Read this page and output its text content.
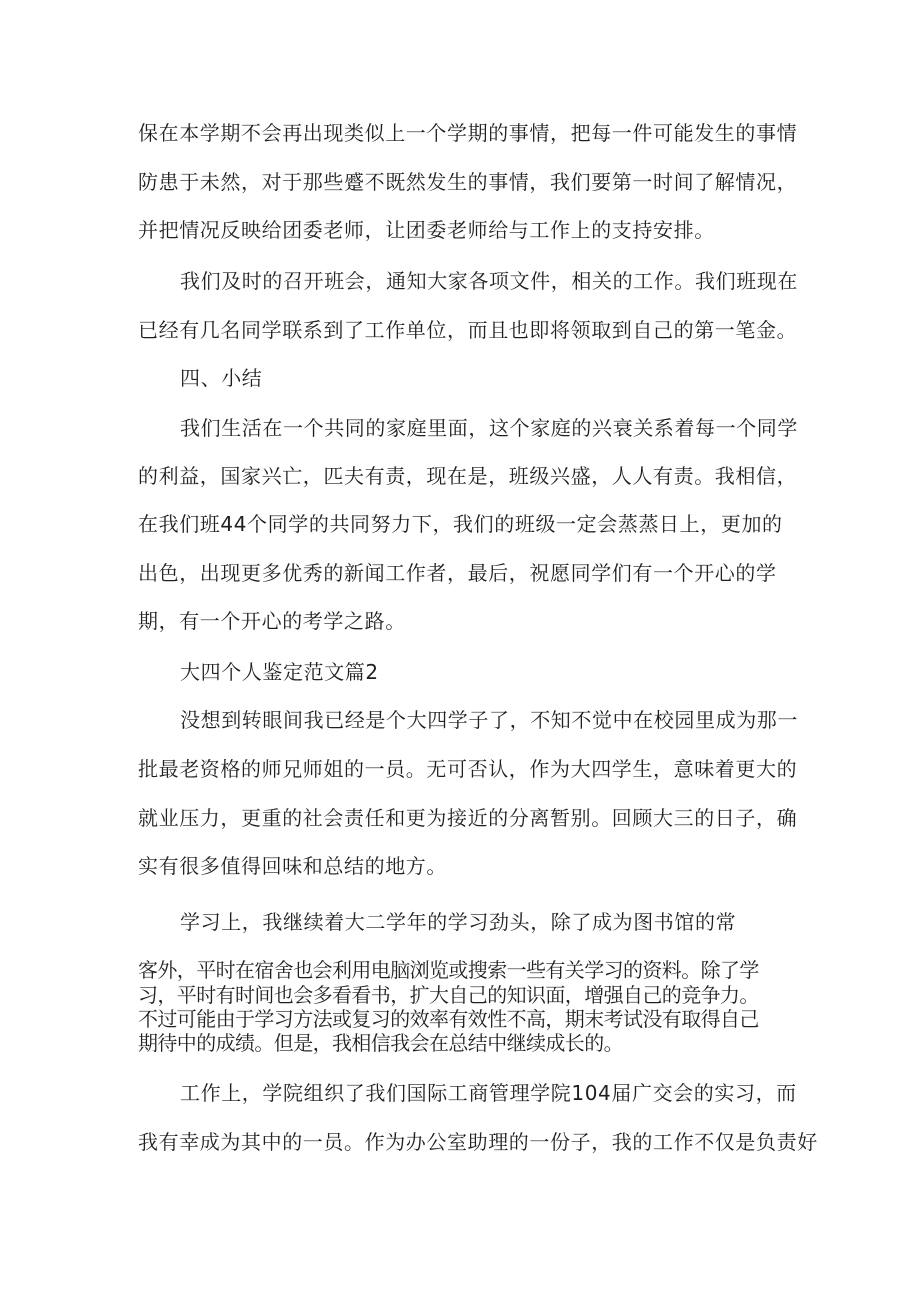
保在本学期不会再出现类似上一个学期的事情，把每一件可能发生的事情
防患于未然，对于那些蹙不既然发生的事情，我们要第一时间了解情况，
并把情况反映给团委老师，让团委老师给与工作上的支持安排。
我们及时的召开班会，通知大家各项文件，相关的工作。我们班现在
已经有几名同学联系到了工作单位，而且也即将领取到自己的第一笔金。
四、小结
我们生活在一个共同的家庭里面，这个家庭的兴衰关系着每一个同学
的利益，国家兴亡，匹夫有责，现在是，班级兴盛，人人有责。我相信，
在我们班44个同学的共同努力下，我们的班级一定会蒸蒸日上，更加的
出色，出现更多优秀的新闻工作者，最后，祝愿同学们有一个开心的学
期，有一个开心的考学之路。
大四个人鉴定范文篇2
没想到转眼间我已经是个大四学子了，不知不觉中在校园里成为那一
批最老资格的师兄师姐的一员。无可否认，作为大四学生，意味着更大的
就业压力，更重的社会责任和更为接近的分离暂别。回顾大三的日子，确
实有很多值得回味和总结的地方。
学习上，我继续着大二学年的学习劲头，除了成为图书馆的常
客外，平时在宿舍也会利用电脑浏览或搜索一些有关学习的资料。除了学
习，平时有时间也会多看看书，扩大自己的知识面，增强自己的竞争力。
不过可能由于学习方法或复习的效率有效性不高，期末考试没有取得自己
期待中的成绩。但是，我相信我会在总结中继续成长的。
工作上，学院组织了我们国际工商管理学院104届广交会的实习，而
我有幸成为其中的一员。作为办公室助理的一份子，我的工作不仅是负责好
